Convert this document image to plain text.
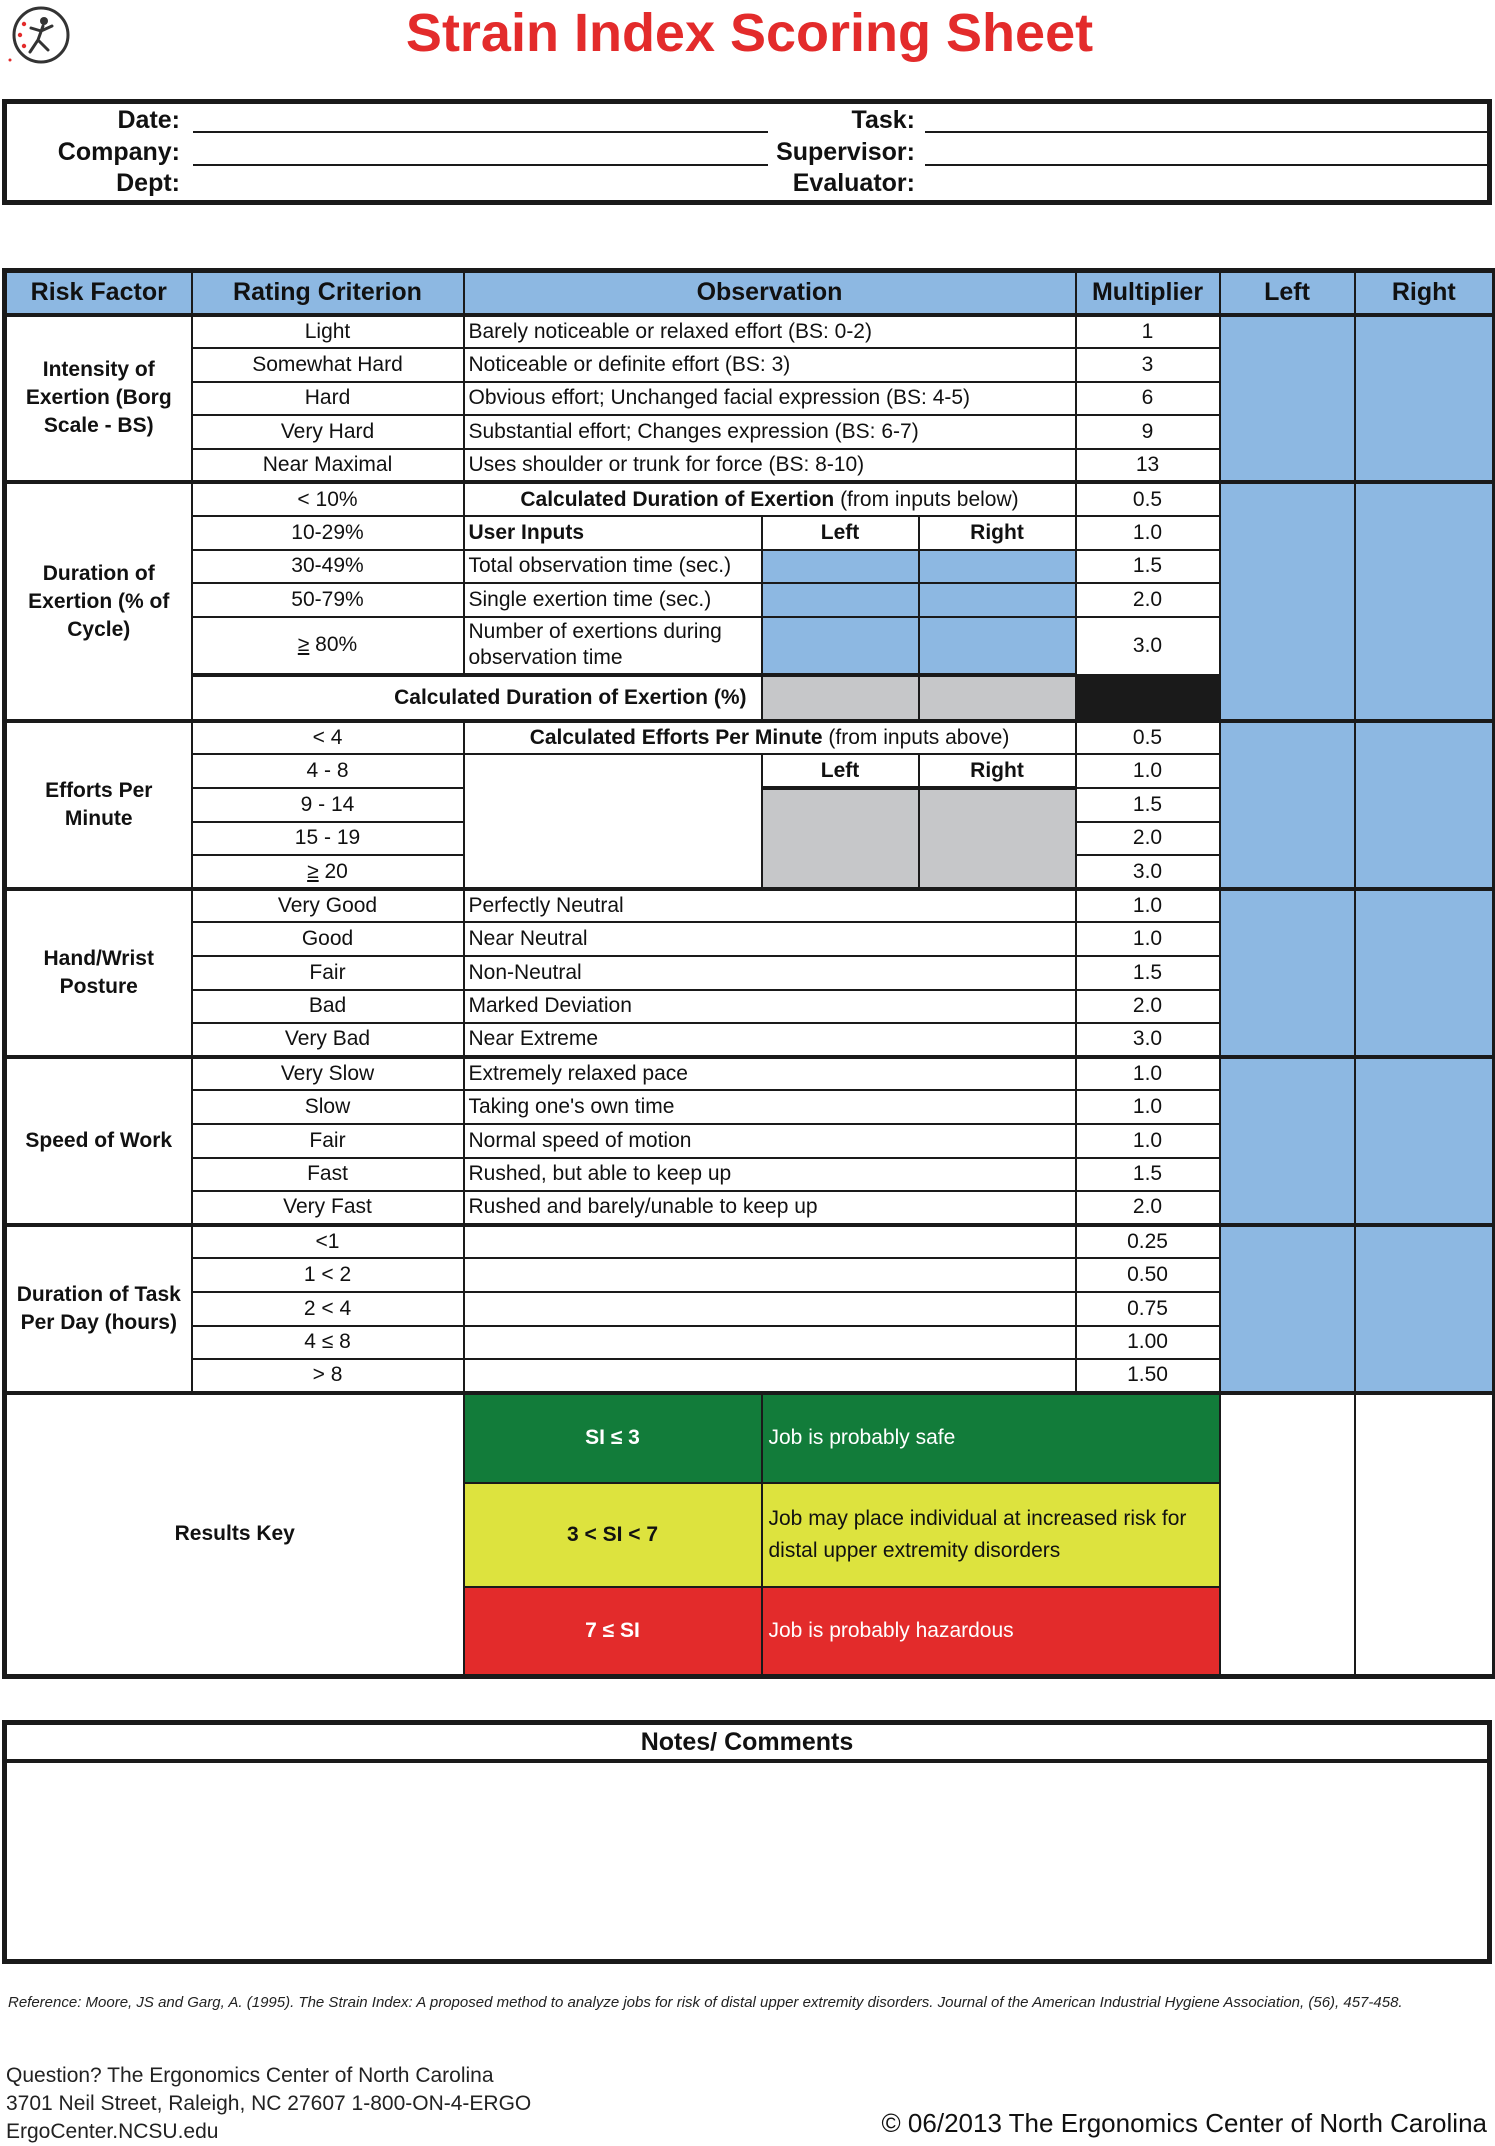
Strain Index Scoring Sheet
Date:
Company:
Dept:
Task:
Supervisor:
Evaluator:
Risk Factor	Rating Criterion	Observation			Multiplier	Left	Right
Intensity of Exertion (Borg Scale - BS)	Light	Barely noticeable or relaxed effort (BS: 0-2)			1		
	Somewhat Hard	Noticeable or definite effort (BS: 3)			3		
	Hard	Obvious effort; Unchanged facial expression (BS: 4-5)			6		
	Very Hard	Substantial effort; Changes expression (BS: 6-7)			9		
	Near Maximal	Uses shoulder or trunk for force (BS: 8-10)			13		
Duration of Exertion (% of Cycle)	< 10%	Calculated Duration of Exertion (from inputs below)			0.5		
	10-29%	User Inputs	Left	Right	1.0		
	30-49%	Total observation time (sec.)			1.5		
	50-79%	Single exertion time (sec.)			2.0		
	≥ 80%	Number of exertions during observation time			3.0		
	Calculated Duration of Exertion (%)						
Efforts Per Minute	< 4	Calculated Efforts Per Minute (from inputs above)			0.5		
	4 - 8		Left	Right	1.0		
	9 - 14				1.5		
	15 - 19				2.0		
	≥ 20				3.0		
Hand/Wrist Posture	Very Good	Perfectly Neutral			1.0		
	Good	Near Neutral			1.0		
	Fair	Non-Neutral			1.5		
	Bad	Marked Deviation			2.0		
	Very Bad	Near Extreme			3.0		
Speed of Work	Very Slow	Extremely relaxed pace			1.0		
	Slow	Taking one's own time			1.0		
	Fair	Normal speed of motion			1.0		
	Fast	Rushed, but able to keep up			1.5		
	Very Fast	Rushed and barely/unable to keep up			2.0		
Duration of Task Per Day (hours)	<1				0.25		
	1 < 2				0.50		
	2 < 4				0.75		
	4 ≤ 8				1.00		
	> 8				1.50		
Results Key		SI ≤ 3	Job is probably safe				
		3 < SI < 7	Job may place individual at increased risk for distal upper extremity disorders				
		7 ≤ SI	Job is probably hazardous				
Notes/ Comments
Reference: Moore, JS and Garg, A. (1995). The Strain Index: A proposed method to analyze jobs for risk of distal upper extremity disorders. Journal of the American Industrial Hygiene Association, (56), 457-458.
Question? The Ergonomics Center of North Carolina
3701 Neil Street, Raleigh, NC 27607 1-800-ON-4-ERGO
ErgoCenter.NCSU.edu	© 06/2013 The Ergonomics Center of North Carolina
